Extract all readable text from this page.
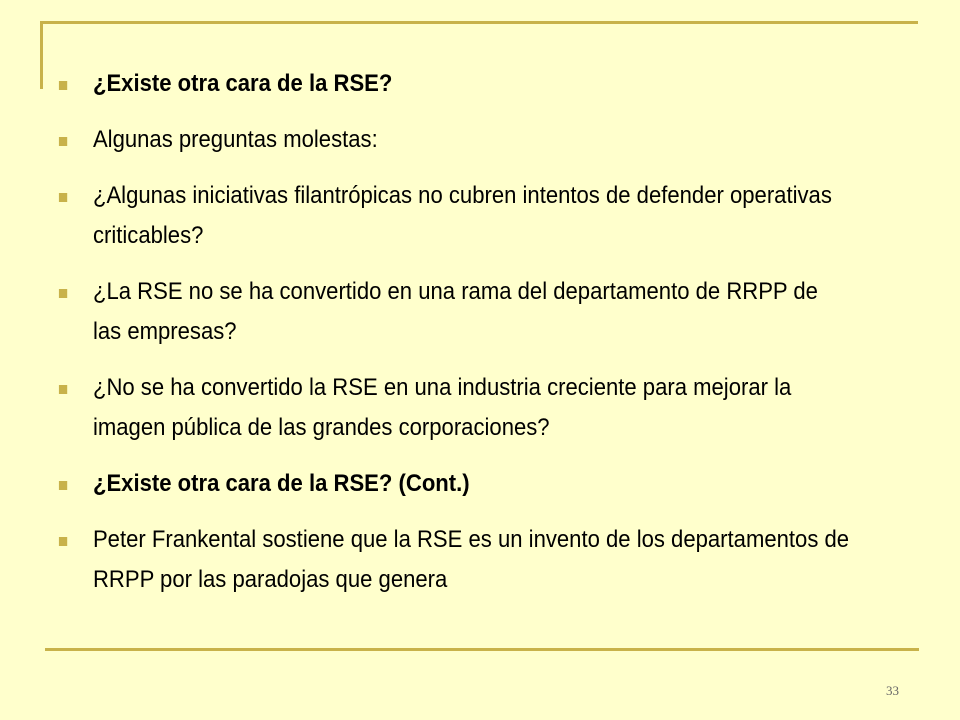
¿Existe otra cara de la RSE?
Algunas preguntas molestas:
¿Algunas iniciativas filantrópicas no cubren intentos de defender operativas criticables?
¿La RSE no se ha convertido en una rama del departamento de RRPP de las empresas?
¿No se ha convertido la RSE en una industria creciente para mejorar la imagen pública de las grandes corporaciones?
¿Existe otra cara de la RSE? (Cont.)
Peter Frankental sostiene que la RSE es un invento de los departamentos de RRPP por las paradojas que genera
33
